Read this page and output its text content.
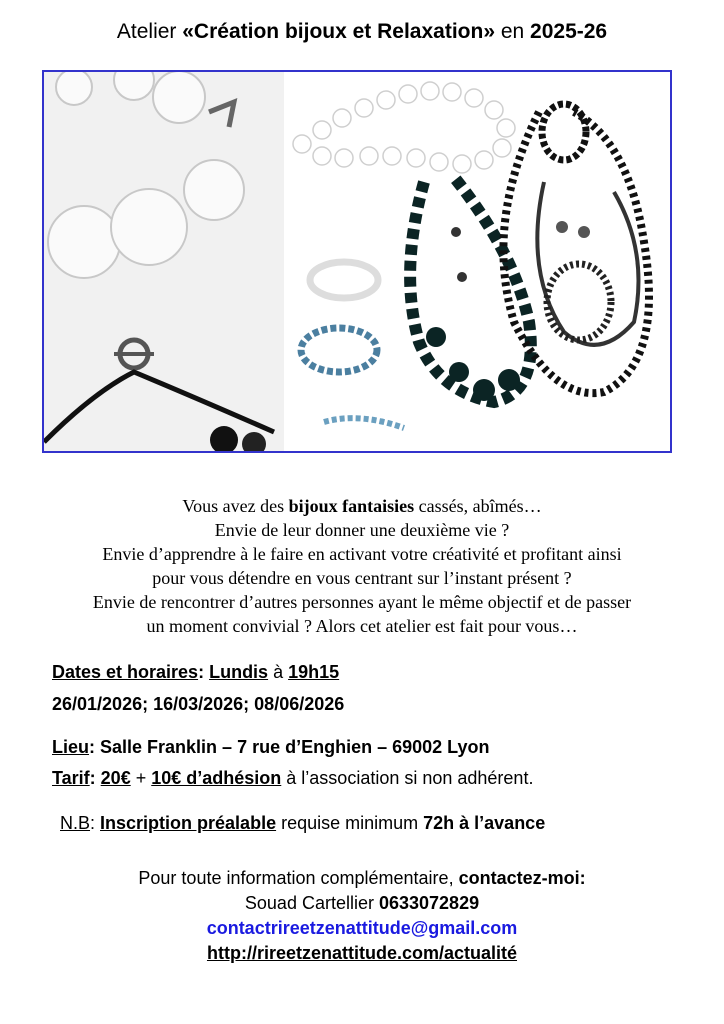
Atelier «Création bijoux et Relaxation» en 2025-26
Vous avez des bijoux fantaisies cassés, abîmés…
Envie de leur donner une deuxième vie ?
Envie d’apprendre à le faire en activant votre créativité et profitant ainsi
pour vous détendre en vous centrant sur l’instant présent ?
Envie de rencontrer d’autres personnes ayant le même objectif et de passer
un moment convivial ? Alors cet atelier est fait pour vous…
Dates et horaires: Lundis à 19h15
26/01/2026; 16/03/2026; 08/06/2026
Lieu: Salle Franklin – 7 rue d’Enghien – 69002 Lyon
Tarif: 20€ + 10€ d’adhésion à l’association si non adhérent.
N.B: Inscription préalable requise minimum 72h à l’avance
Pour toute information complémentaire, contactez-moi:
Souad Cartellier 0633072829
contactrireetzenattitude@gmail.com
http://rireetzenattitude.com/actualité
